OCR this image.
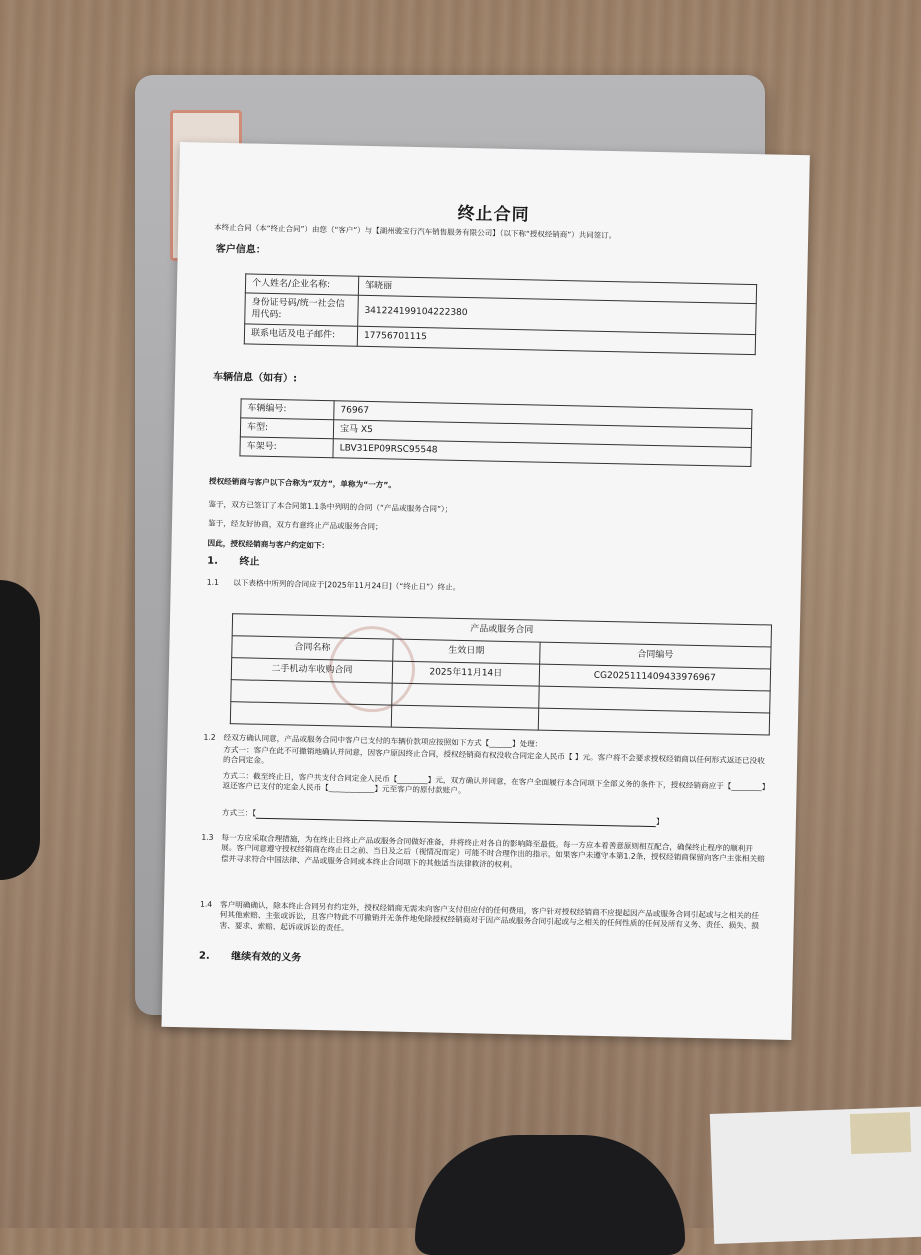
终止合同
本终止合同（本“终止合同”）由您（“客户”）与【湖州骏宝行汽车销售服务有限公司】（以下称“授权经销商”）共同签订。
客户信息：
个人姓名/企业名称:	邹晓丽
身份证号码/统一社会信用代码:	341224199104222380
联系电话及电子邮件:	17756701115
车辆信息（如有）:
车辆编号:	76967
车型:	宝马 X5
车架号:	LBV31EP09RSC95548
授权经销商与客户以下合称为“双方”，单称为“一方”。
鉴于，双方已签订了本合同第1.1条中列明的合同（“产品或服务合同”）；
鉴于，经友好协商，双方有意终止产品或服务合同；
因此，授权经销商与客户约定如下：
1. 终止
1.1 以下表格中所列的合同应于[2025年11月24日]（“终止日”）终止。
产品或服务合同		
合同名称	生效日期	合同编号
二手机动车收购合同	2025年11月14日	CG2025111409433976967

1.2 经双方确认同意，产品或服务合同中客户已支付的车辆价款项应按照如下方式【______】处理：
方式一：客户在此不可撤销地确认并同意，因客户原因终止合同，授权经销商有权没收合同定金人民币【 】元。客户将不会要求授权经销商以任何形式返还已没收的合同定金。
方式二：截至终止日，客户共支付合同定金人民币【________】元，双方确认并同意，在客户全面履行本合同项下全部义务的条件下，授权经销商应于【________】返还客户已支付的定金人民币【____________】元至客户的原付款账户。
方式三：【】
1.3 每一方应采取合理措施，为在终止日终止产品或服务合同做好准备，并将终止对各自的影响降至最低。每一方应本着善意原则相互配合，确保终止程序的顺利开展。客户同意遵守授权经销商在终止日之前、当日及之后（视情况而定）可能不时合理作出的指示。如果客户未遵守本第1.2条，授权经销商保留向客户主张相关赔偿并寻求符合中国法律、产品或服务合同或本终止合同项下的其他适当法律救济的权利。
1.4 客户明确确认，除本终止合同另有约定外，授权经销商无需未向客户支付但应付的任何费用，客户针对授权经销商不应提起因产品或服务合同引起或与之相关的任何其他索赔、主张或诉讼，且客户特此不可撤销并无条件地免除授权经销商对于因产品或服务合同引起或与之相关的任何性质的任何及所有义务、责任、损失、损害、要求、索赔、起诉或诉讼的责任。
2. 继续有效的义务
